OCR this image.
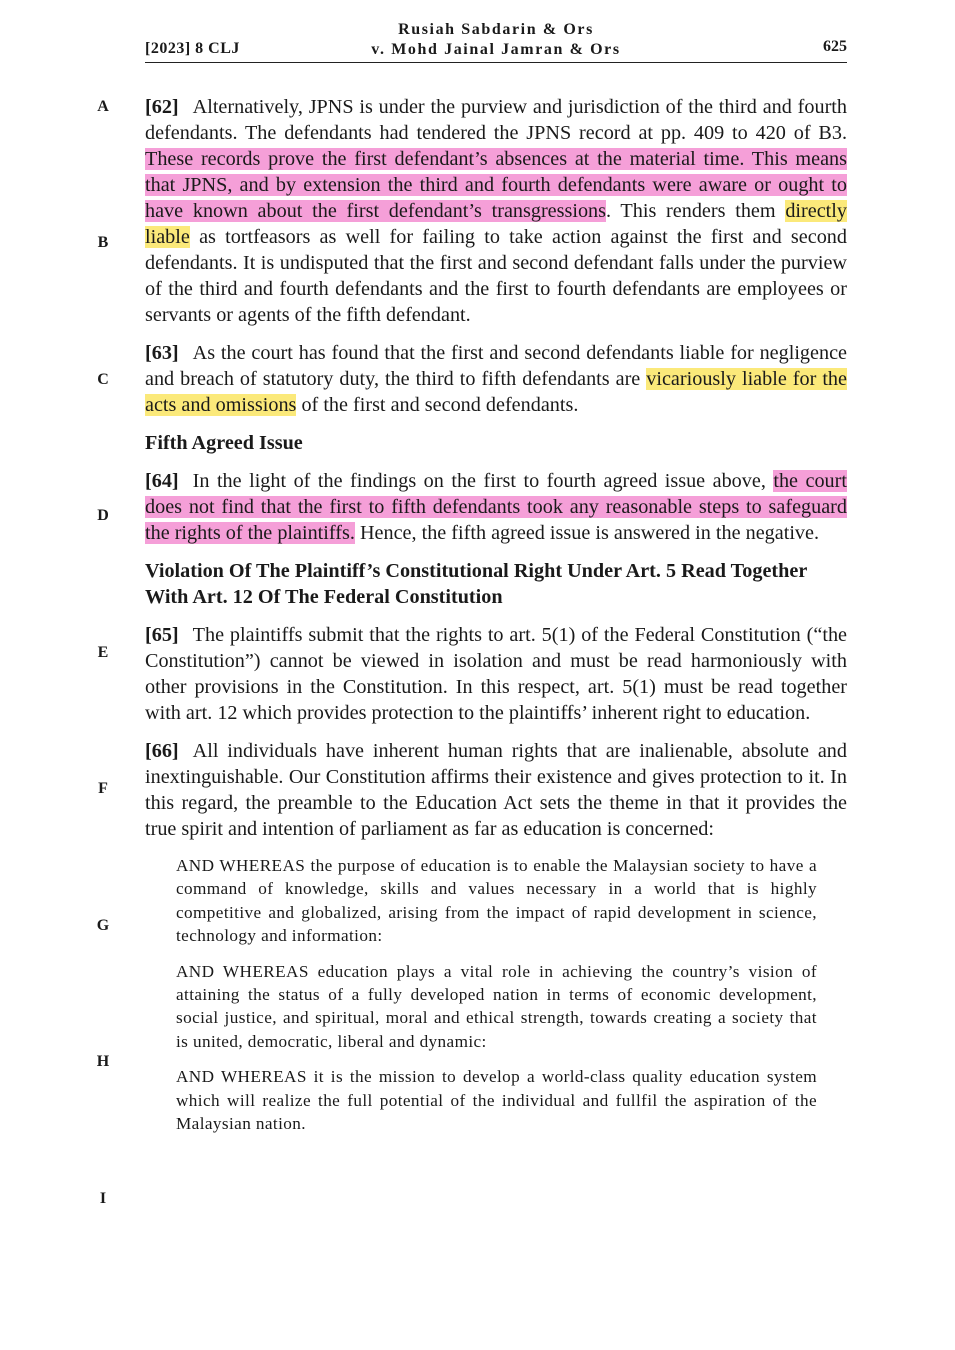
[2023] 8 CLJ
Rusiah Sabdarin & Ors
v. Mohd Jainal Jamran & Ors	625
A
B
C
D
E
F
G
H
I

[62] Alternatively, JPNS is under the purview and jurisdiction of the third and fourth defendants. The defendants had tendered the JPNS record at pp. 409 to 420 of B3. These records prove the first defendant’s absences at the material time. This means that JPNS, and by extension the third and fourth defendants were aware or ought to have known about the first defendant’s transgressions. This renders them directly liable as tortfeasors as well for failing to take action against the first and second defendants. It is undisputed that the first and second defendant falls under the purview of the third and fourth defendants and the first to fourth defendants are employees or servants or agents of the fifth defendant.

[63] As the court has found that the first and second defendants liable for negligence and breach of statutory duty, the third to fifth defendants are vicariously liable for the acts and omissions of the first and second defendants.

Fifth Agreed Issue

[64] In the light of the findings on the first to fourth agreed issue above, the court does not find that the first to fifth defendants took any reasonable steps to safeguard the rights of the plaintiffs. Hence, the fifth agreed issue is answered in the negative.

Violation Of The Plaintiff’s Constitutional Right Under Art. 5 Read Together With Art. 12 Of The Federal Constitution

[65] The plaintiffs submit that the rights to art. 5(1) of the Federal Constitution (“the Constitution”) cannot be viewed in isolation and must be read harmoniously with other provisions in the Constitution. In this respect, art. 5(1) must be read together with art. 12 which provides protection to the plaintiffs’ inherent right to education.

[66] All individuals have inherent human rights that are inalienable, absolute and inextinguishable. Our Constitution affirms their existence and gives protection to it. In this regard, the preamble to the Education Act sets the theme in that it provides the true spirit and intention of parliament as far as education is concerned:

AND WHEREAS the purpose of education is to enable the Malaysian society to have a command of knowledge, skills and values necessary in a world that is highly competitive and globalized, arising from the impact of rapid development in science, technology and information:

AND WHEREAS education plays a vital role in achieving the country’s vision of attaining the status of a fully developed nation in terms of economic development, social justice, and spiritual, moral and ethical strength, towards creating a society that is united, democratic, liberal and dynamic:

AND WHEREAS it is the mission to develop a world-class quality education system which will realize the full potential of the individual and fullfil the aspiration of the Malaysian nation.
